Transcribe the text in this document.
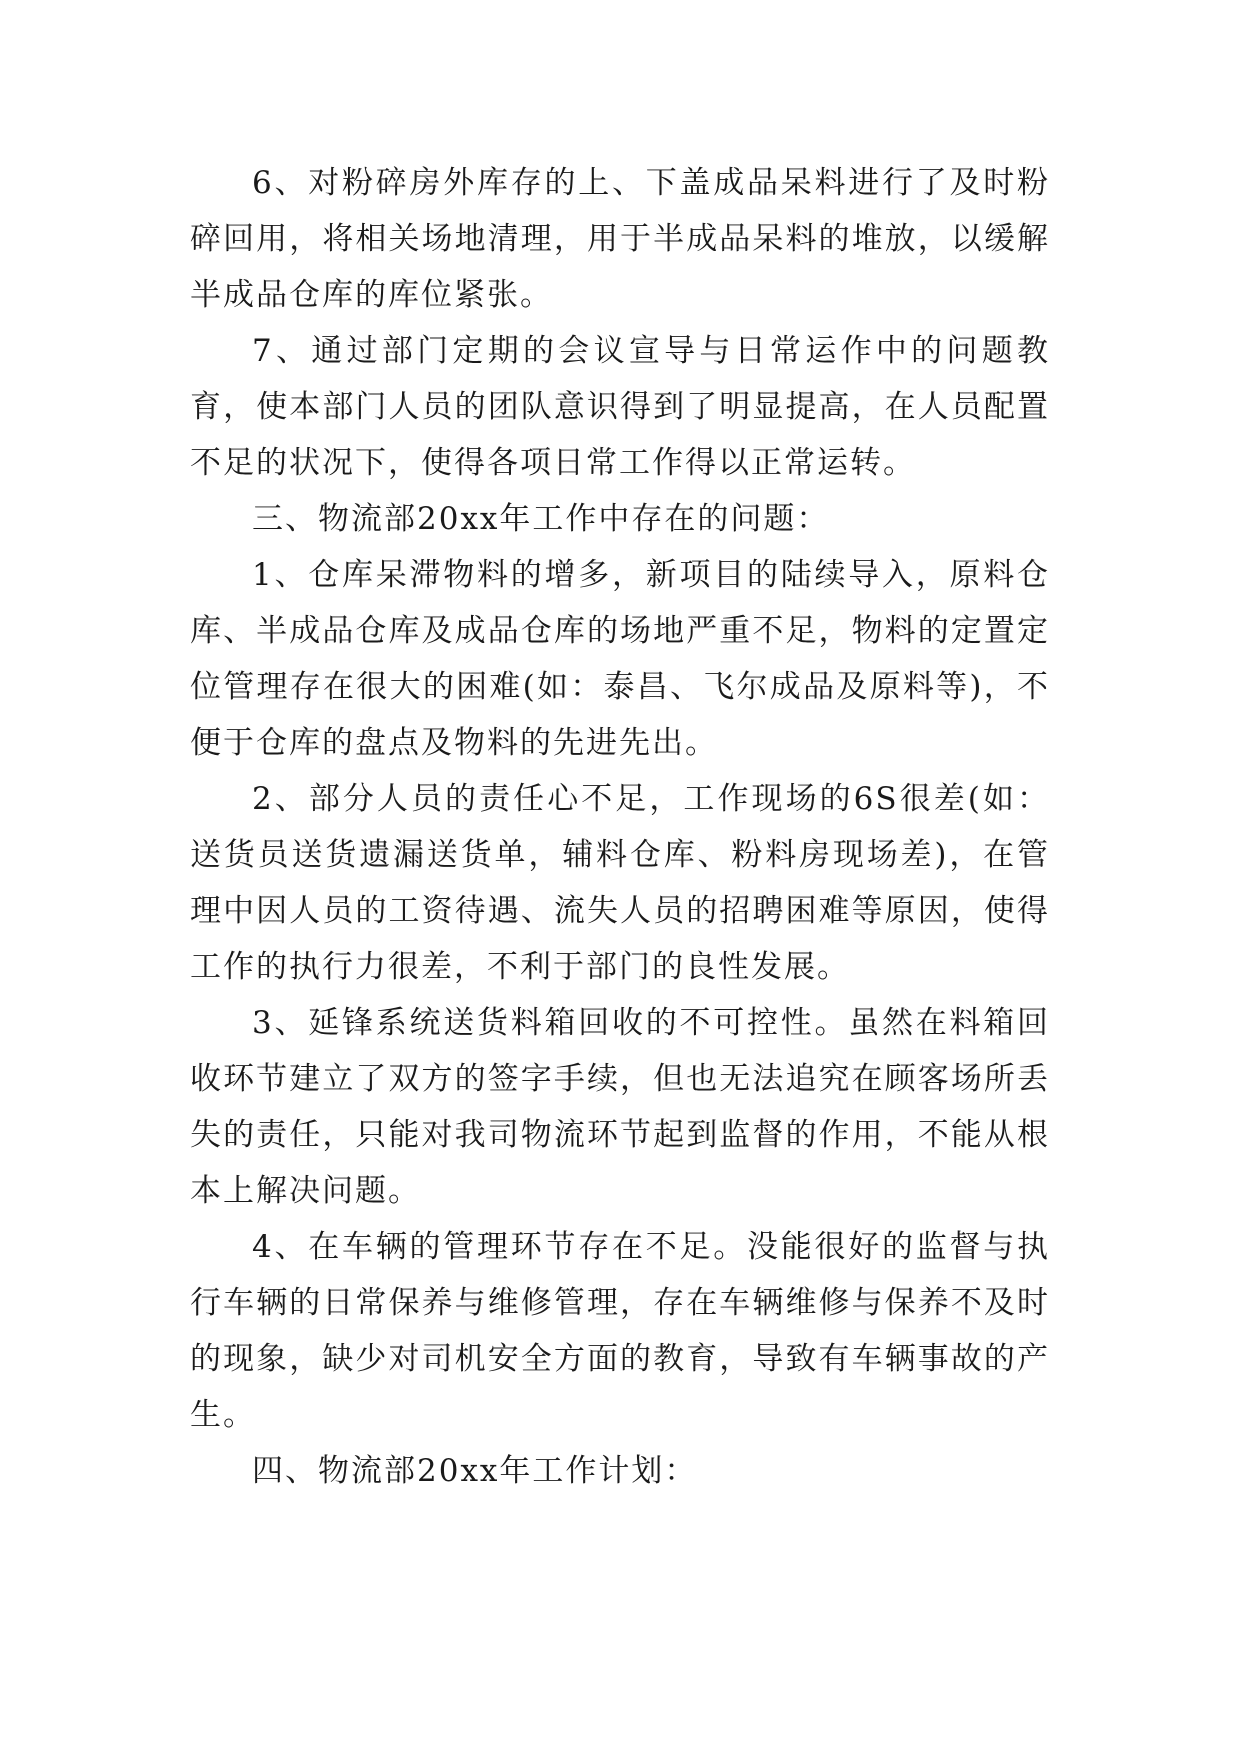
6、对粉碎房外库存的上、下盖成品呆料进行了及时粉碎回用，将相关场地清理，用于半成品呆料的堆放，以缓解半成品仓库的库位紧张。

7、通过部门定期的会议宣导与日常运作中的问题教育，使本部门人员的团队意识得到了明显提高，在人员配置不足的状况下，使得各项日常工作得以正常运转。

三、物流部20xx年工作中存在的问题：

1、仓库呆滞物料的增多，新项目的陆续导入，原料仓库、半成品仓库及成品仓库的场地严重不足，物料的定置定位管理存在很大的困难(如：泰昌、飞尔成品及原料等)，不便于仓库的盘点及物料的先进先出。

2、部分人员的责任心不足，工作现场的6S很差(如：送货员送货遗漏送货单，辅料仓库、粉料房现场差)，在管理中因人员的工资待遇、流失人员的招聘困难等原因，使得工作的执行力很差，不利于部门的良性发展。

3、延锋系统送货料箱回收的不可控性。虽然在料箱回收环节建立了双方的签字手续，但也无法追究在顾客场所丢失的责任，只能对我司物流环节起到监督的作用，不能从根本上解决问题。

4、在车辆的管理环节存在不足。没能很好的监督与执行车辆的日常保养与维修管理，存在车辆维修与保养不及时的现象，缺少对司机安全方面的教育，导致有车辆事故的产生。

四、物流部20xx年工作计划：
